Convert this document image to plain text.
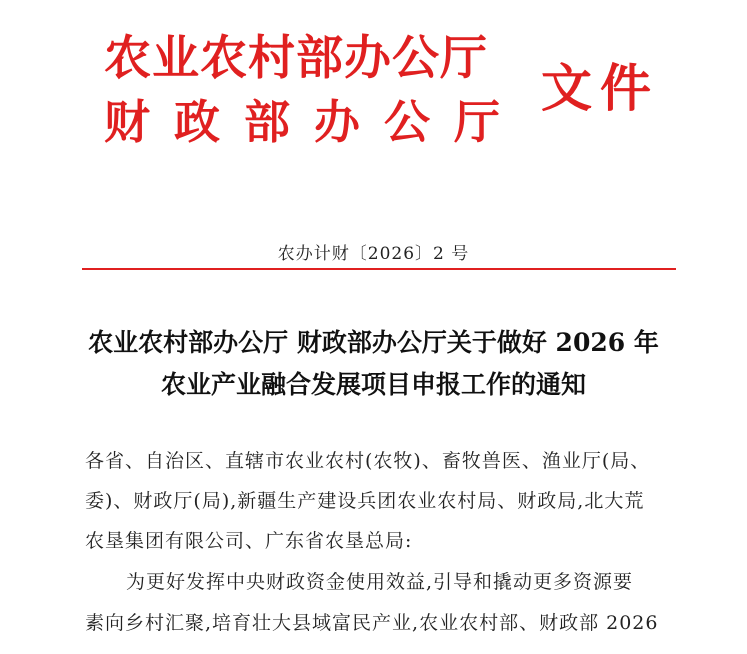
农业农村部办公厅
财政部办公厅
文件
农办计财〔2026〕2 号
农业农村部办公厅 财政部办公厅关于做好 2026 年
农业产业融合发展项目申报工作的通知
各省、自治区、直辖市农业农村(农牧)、畜牧兽医、渔业厅(局、
委)、财政厅(局),新疆生产建设兵团农业农村局、财政局,北大荒
农垦集团有限公司、广东省农垦总局:
为更好发挥中央财政资金使用效益,引导和撬动更多资源要
素向乡村汇聚,培育壮大县域富民产业,农业农村部、财政部 2026
